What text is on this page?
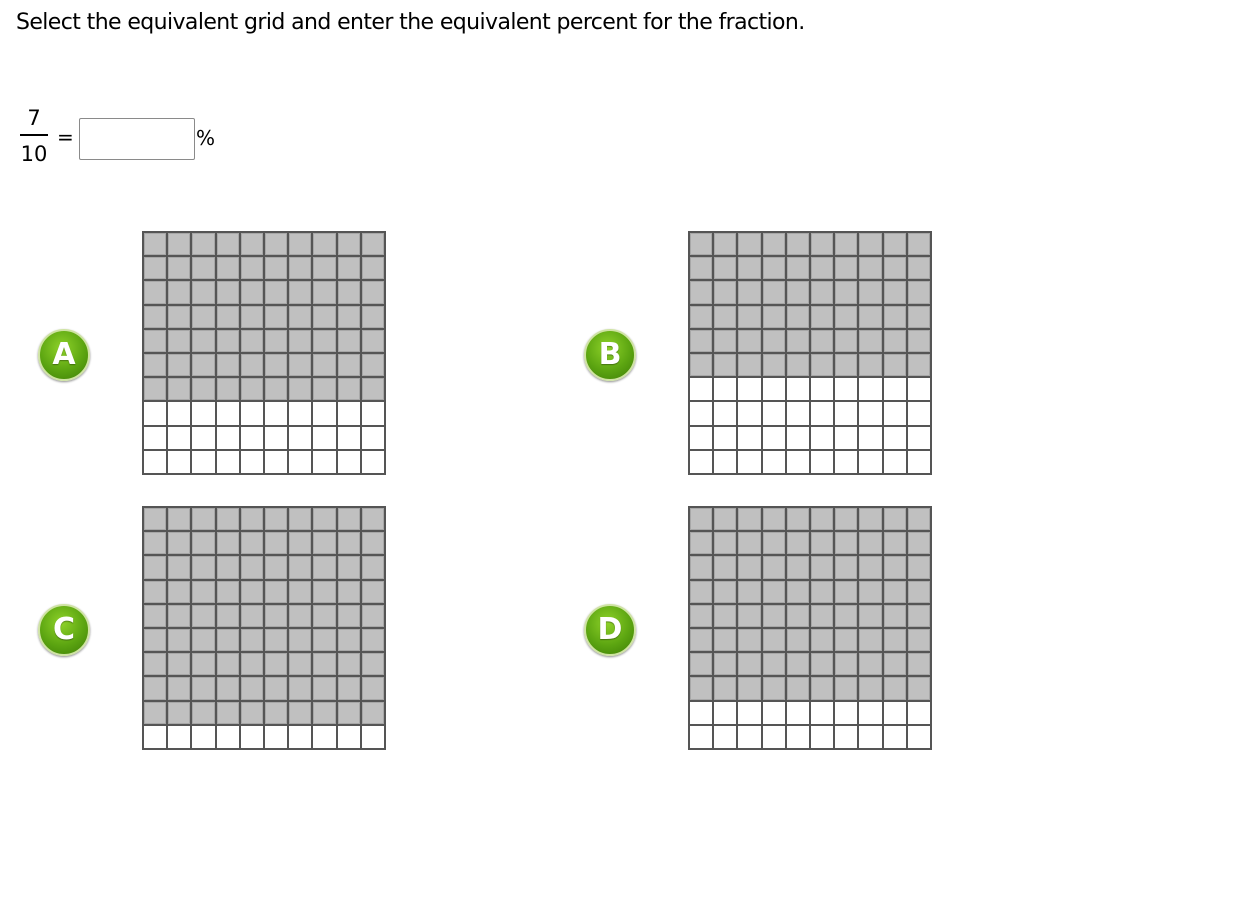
Select the equivalent grid and enter the equivalent percent for the fraction.
7
10
=	%
A	B
C	D
